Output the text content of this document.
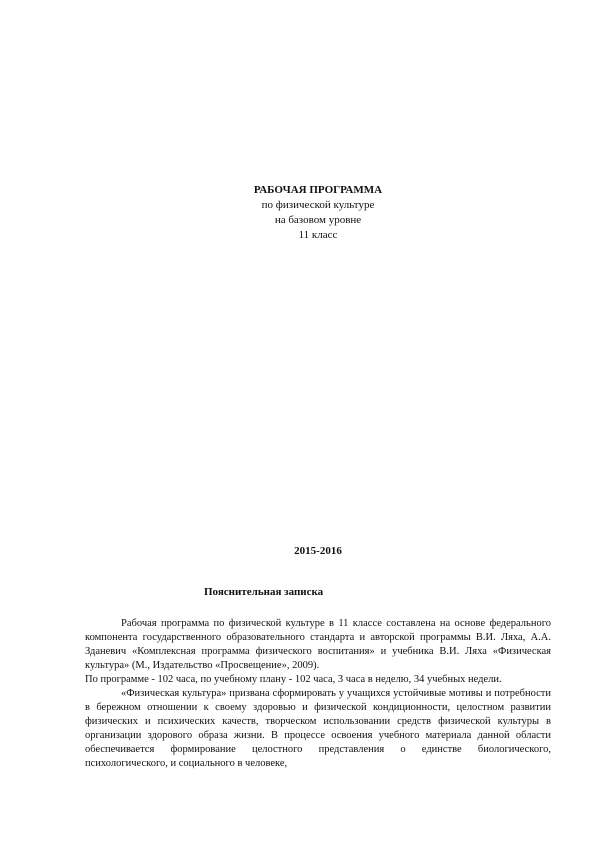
РАБОЧАЯ ПРОГРАММА
по физической культуре
на базовом уровне
11 класс
2015-2016
Пояснительная записка

Рабочая программа по физической культуре в 11 классе составлена на основе федерального компонента государственного образовательного стандарта и авторской программы В.И. Ляха, А.А. Зданевич «Комплексная программа физического воспитания» и учебника В.И. Ляха «Физическая культура» (М., Издательство «Просвещение», 2009).

По программе - 102 часа, по учебному плану - 102 часа, 3 часа в неделю, 34 учебных недели.

«Физическая культура» призвана сформировать у учащихся устойчивые мотивы и потребности в бережном отношении к своему здоровью и физической кондиционности, целостном развитии физических и психических качеств, творческом использовании средств физической культуры в организации здорового образа жизни. В процессе освоения учебного материала данной области обеспечивается формирование целостного представления о единстве биологического, психологического, и социального в человеке,
